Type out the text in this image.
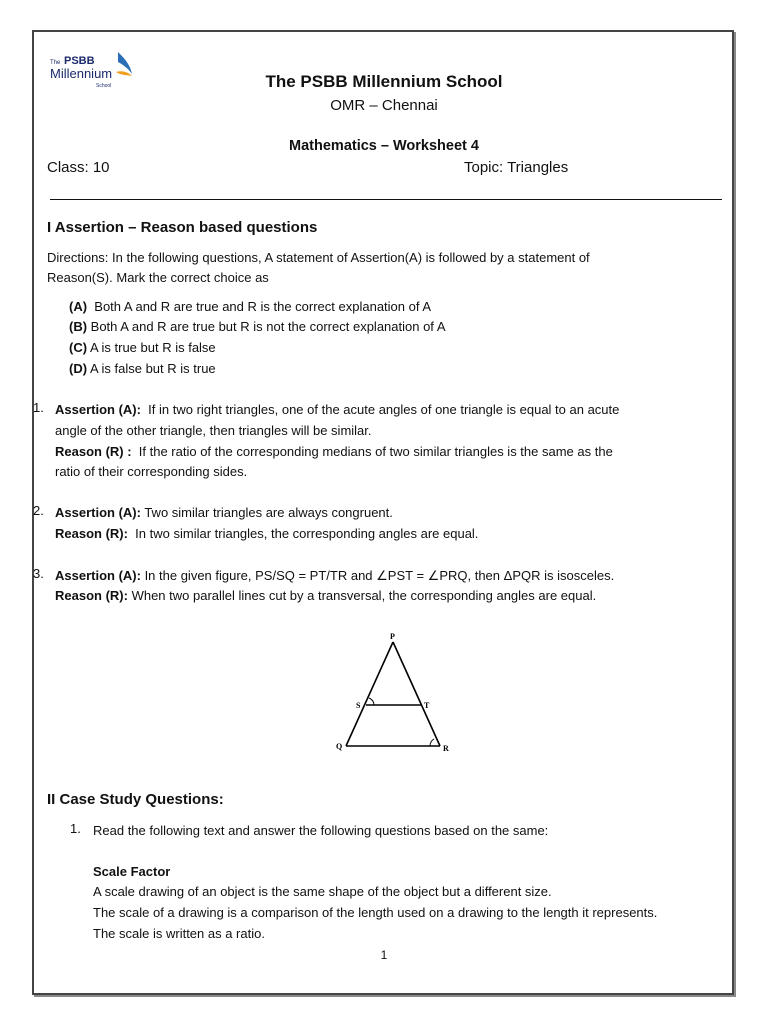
The PSBB
Millennium
School	The PSBB Millennium School
OMR – Chennai
Mathematics – Worksheet 4
Class: 10	Topic: Triangles
I Assertion – Reason based questions
Directions: In the following questions, A statement of Assertion(A) is followed by a statement of
Reason(S). Mark the correct choice as
(A)  Both A and R are true and R is the correct explanation of A
(B) Both A and R are true but R is not the correct explanation of A
(C) A is true but R is false
(D) A is false but R is true
1. Assertion (A):  If in two right triangles, one of the acute angles of one triangle is equal to an acute
angle of the other triangle, then triangles will be similar.
Reason (R) :  If the ratio of the corresponding medians of two similar triangles is the same as the
ratio of their corresponding sides.
2. Assertion (A): Two similar triangles are always congruent.
Reason (R):  In two similar triangles, the corresponding angles are equal.
3. Assertion (A): In the given figure, PS/SQ = PT/TR and ∠PST = ∠PRQ, then ΔPQR is isosceles.
Reason (R): When two parallel lines cut by a transversal, the corresponding angles are equal.
P
S	T
Q	R
II Case Study Questions:
1. Read the following text and answer the following questions based on the same:
Scale Factor
A scale drawing of an object is the same shape of the object but a different size.
The scale of a drawing is a comparison of the length used on a drawing to the length it represents.
The scale is written as a ratio.
1
